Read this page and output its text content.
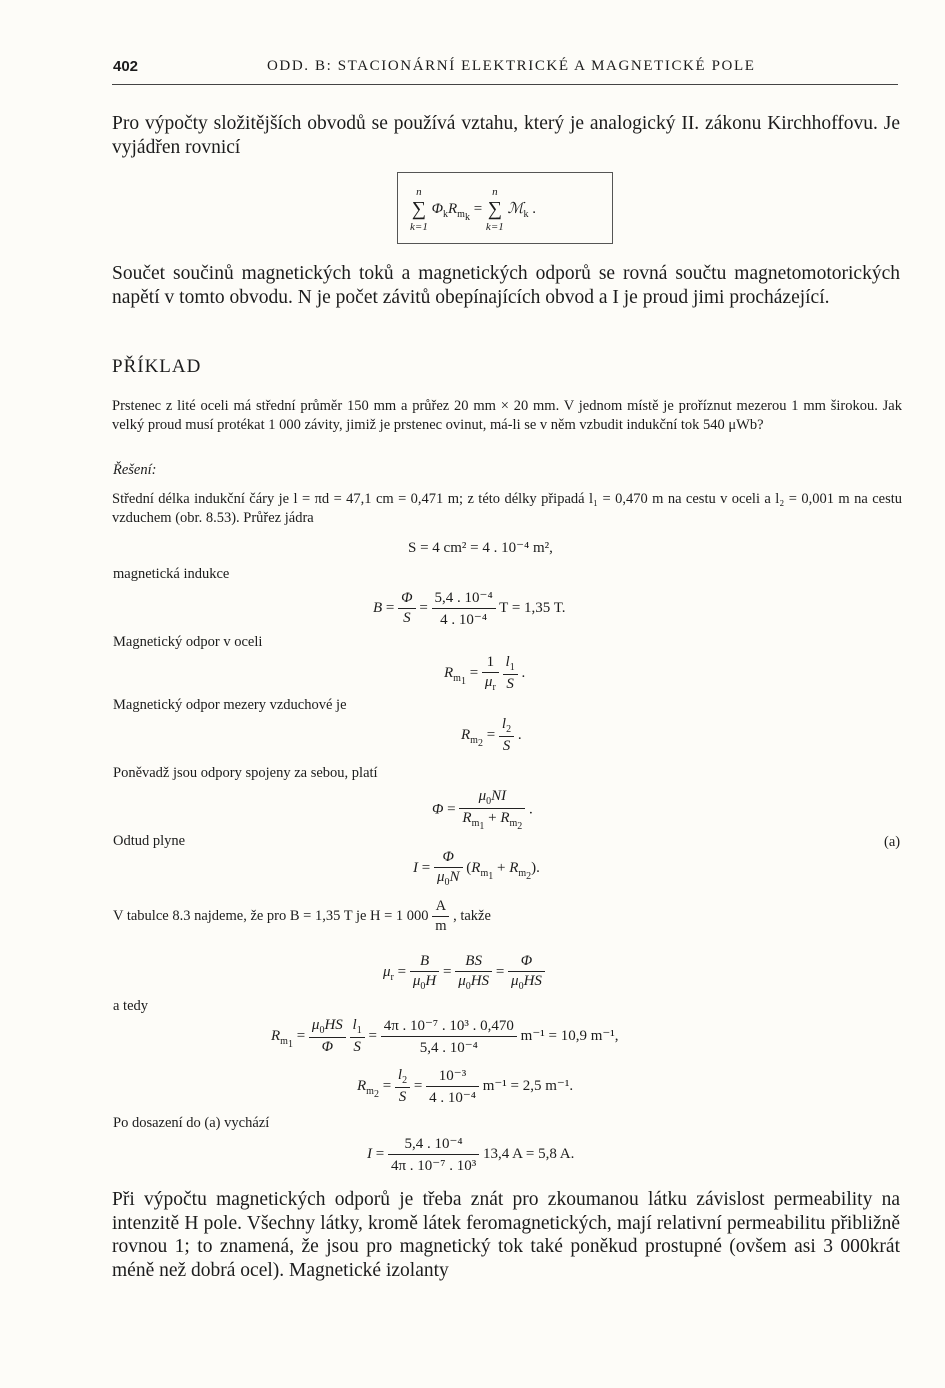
402	ODD. B: STACIONÁRNÍ ELEKTRICKÉ A MAGNETICKÉ POLE
Pro výpočty složitějších obvodů se používá vztahu, který je analogický II. zákonu Kirchhoffovu. Je vyjádřen rovnicí
n
∑
k=1
$\Phi_kR_{m_k}$ =
n
∑
k=1
ℳ$_k$ .
Součet součinů magnetických toků a magnetických odporů se rovná součtu magnetomotorických napětí v tomto obvodu. N je počet závitů obepínajících obvod a I je proud jimi procházející.
PŘÍKLAD
Prstenec z lité oceli má střední průměr 150 mm a průřez 20 mm × 20 mm. V jednom místě je proříznut mezerou 1 mm širokou. Jak velký proud musí protékat 1 000 závity, jimiž je prstenec ovinut, má-li se v něm vzbudit indukční tok 540 μWb?
Řešení:
Střední délka indukční čáry je l = πd = 47,1 cm = 0,471 m; z této délky připadá l₁ = 0,470 m na cestu v oceli a l₂ = 0,001 m na cestu vzduchem (obr. 8.53). Průřez jádra
S = 4 cm² = 4 . 10⁻⁴ m²,
magnetická indukce
$B = \frac{\Phi}{S} = \frac{\text{5,4 . 10⁻⁴}}{\text{4 . 10⁻⁴}}$ T = 1,35 T.
Magnetický odpor v oceli
$R_{m_1} = \frac{1}{\mu_r}$
$\frac{l_1}{S}$ .
Magnetický odpor mezery vzduchové je
$R_{m_2} = \frac{l_2}{S}$ .
Poněvadž jsou odpory spojeny za sebou, platí
$\Phi = \frac{\mu_0NI}{R_{m_1} + R_{m_2}}$ .
Odtud plyne	(a)
$I = \frac{\Phi}{\mu_0N} (R_{m_1} + R_{m_2})$.
V tabulce 8.3 najdeme, že pro B = 1,35 T je H = 1 $000 \frac{A}{m}$ , takže
$\mu_r = \frac{B}{\mu_0H} = \frac{BS}{\mu_0HS} = \frac{\Phi}{\mu_0HS}$
a tedy
$R_{m_1} = \frac{\mu_0HS}{\Phi}$
$\frac{l_1}{S} = \frac{\text{4π . 10⁻⁷ . 10³ . 0,470}}{\text{5,4 . 10⁻⁴}} m^{-1} = 10,9$ m⁻¹,
$R_{m_2} = \frac{l_2}{S} = \frac{\text{10⁻³}}{\text{4 . 10⁻⁴}} m^{-1} = 2,5$ m⁻¹.
Po dosazení do (a) vychází
$I = \frac{\text{5,4 . 10⁻⁴}}{\text{4π . 10⁻⁷ . 10³}} 13,4$ A = 5,8 A.
Při výpočtu magnetických odporů je třeba znát pro zkoumanou látku závislost permeability na intenzitě H pole. Všechny látky, kromě látek feromagnetických, mají relativní permeabilitu přibližně rovnou 1; to znamená, že jsou pro magnetický tok také poněkud prostupné (ovšem asi 3 000krát méně než dobrá ocel). Magnetické izolanty
